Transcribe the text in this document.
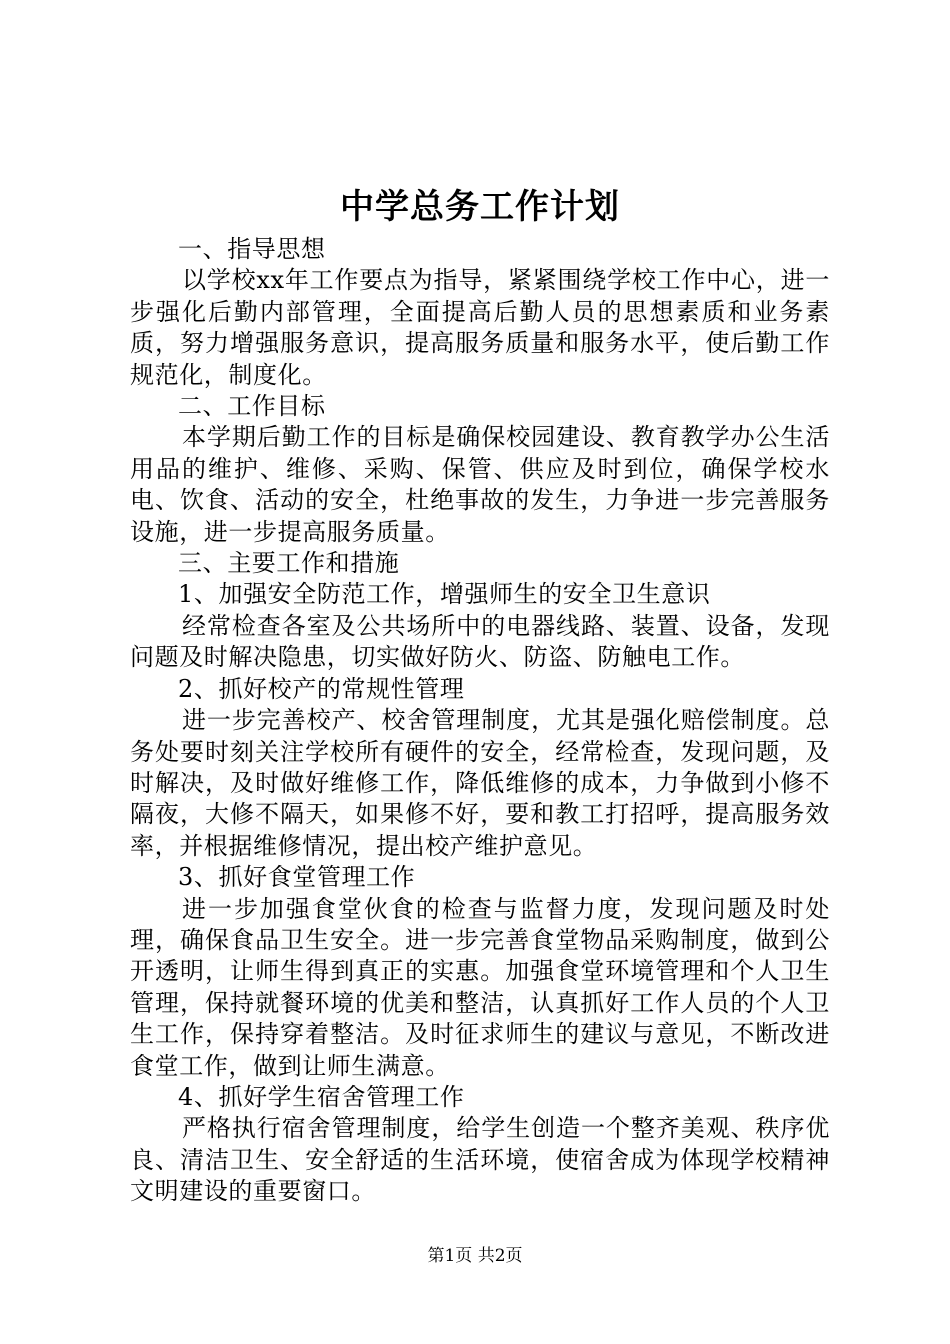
中学总务工作计划

一、指导思想

以学校xx年工作要点为指导，紧紧围绕学校工作中心，进一步强化后勤内部管理，全面提高后勤人员的思想素质和业务素质，努力增强服务意识，提高服务质量和服务水平，使后勤工作规范化，制度化。

二、工作目标

本学期后勤工作的目标是确保校园建设、教育教学办公生活用品的维护、维修、采购、保管、供应及时到位，确保学校水电、饮食、活动的安全，杜绝事故的发生，力争进一步完善服务设施，进一步提高服务质量。

三、主要工作和措施

1、加强安全防范工作，增强师生的安全卫生意识

经常检查各室及公共场所中的电器线路、装置、设备，发现问题及时解决隐患，切实做好防火、防盗、防触电工作。

2、抓好校产的常规性管理

进一步完善校产、校舍管理制度，尤其是强化赔偿制度。总务处要时刻关注学校所有硬件的安全，经常检查，发现问题，及时解决，及时做好维修工作，降低维修的成本，力争做到小修不隔夜，大修不隔天，如果修不好，要和教工打招呼，提高服务效率，并根据维修情况，提出校产维护意见。

3、抓好食堂管理工作

进一步加强食堂伙食的检查与监督力度，发现问题及时处理，确保食品卫生安全。进一步完善食堂物品采购制度，做到公开透明，让师生得到真正的实惠。加强食堂环境管理和个人卫生管理，保持就餐环境的优美和整洁，认真抓好工作人员的个人卫生工作，保持穿着整洁。及时征求师生的建议与意见，不断改进食堂工作，做到让师生满意。

4、抓好学生宿舍管理工作

严格执行宿舍管理制度，给学生创造一个整齐美观、秩序优良、清洁卫生、安全舒适的生活环境，使宿舍成为体现学校精神文明建设的重要窗口。

第1页 共2页
